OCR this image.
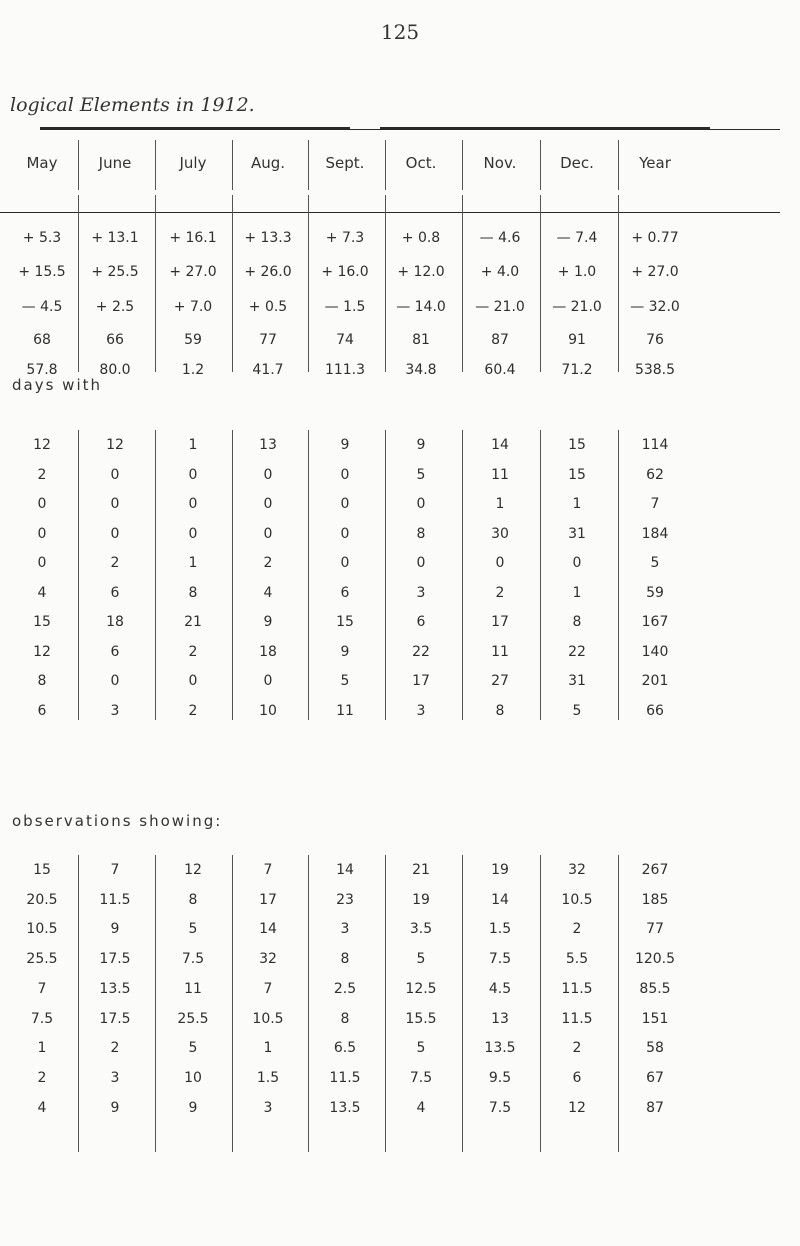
125
logical Elements in 1912.
+ 5.3	+ 13.1	+ 16.1	+ 13.3	+ 7.3	+ 0.8	— 4.6	— 7.4	+ 0.77
+ 15.5	+ 25.5	+ 27.0	+ 26.0	+ 16.0	+ 12.0	+ 4.0	+ 1.0	+ 27.0
— 4.5	+ 2.5	+ 7.0	+ 0.5	— 1.5	— 14.0	— 21.0	— 21.0	— 32.0
68	66	59	77	74	81	87	91	76
57.8	80.0	1.2	41.7	111.3	34.8	60.4	71.2	538.5
12	12	1	13	9	9	14	15	114
2	0	0	0	0	5	11	15	62
0	0	0	0	0	0	1	1	7
0	0	0	0	0	8	30	31	184
0	2	1	2	0	0	0	0	5
4	6	8	4	6	3	2	1	59
15	18	21	9	15	6	17	8	167
12	6	2	18	9	22	11	22	140
8	0	0	0	5	17	27	31	201
6	3	2	10	11	3	8	5	66
15	7	12	7	14	21	19	32	267
20.5	11.5	8	17	23	19	14	10.5	185
10.5	9	5	14	3	3.5	1.5	2	77
25.5	17.5	7.5	32	8	5	7.5	5.5	120.5
7	13.5	11	7	2.5	12.5	4.5	11.5	85.5
7.5	17.5	25.5	10.5	8	15.5	13	11.5	151
1	2	5	1	6.5	5	13.5	2	58
2	3	10	1.5	11.5	7.5	9.5	6	67
4	9	9	3	13.5	4	7.5	12	87
May	June	July	Aug.	Sept.	Oct.	Nov.	Dec.	Year
days with
observations showing:
